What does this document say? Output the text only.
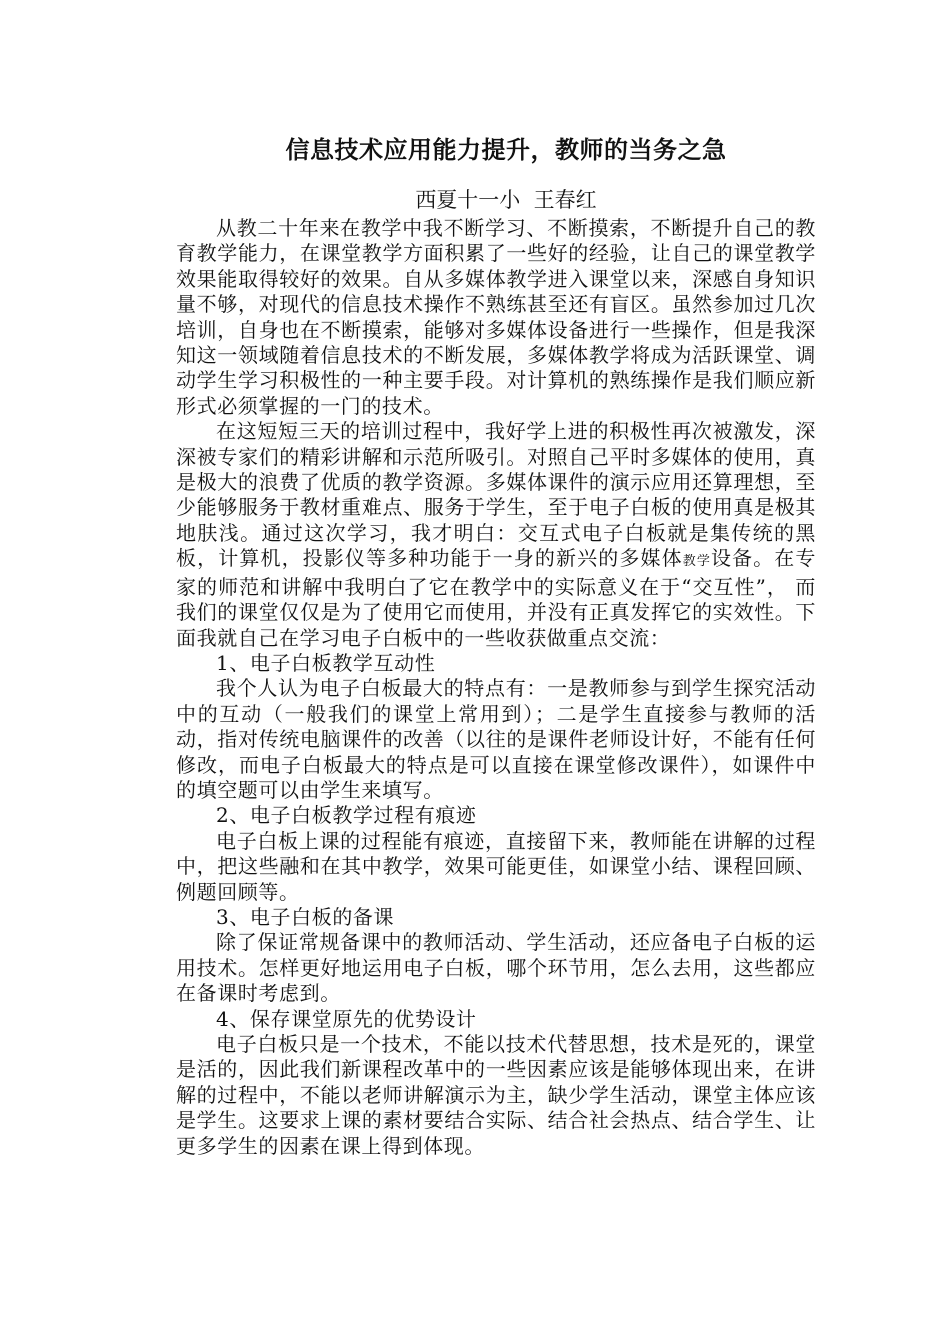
信息技术应用能力提升，教师的当务之急
西夏十一小  王春红

从教二十年来在教学中我不断学习、不断摸索，不断提升自己的教育教学能力，在课堂教学方面积累了一些好的经验，让自己的课堂教学效果能取得较好的效果。自从多媒体教学进入课堂以来，深感自身知识量不够，对现代的信息技术操作不熟练甚至还有盲区。虽然参加过几次培训，自身也在不断摸索，能够对多媒体设备进行一些操作，但是我深知这一领域随着信息技术的不断发展，多媒体教学将成为活跃课堂、调动学生学习积极性的一种主要手段。对计算机的熟练操作是我们顺应新形式必须掌握的一门的技术。

在这短短三天的培训过程中，我好学上进的积极性再次被激发，深深被专家们的精彩讲解和示范所吸引。对照自己平时多媒体的使用，真是极大的浪费了优质的教学资源。多媒体课件的演示应用还算理想，至少能够服务于教材重难点、服务于学生，至于电子白板的使用真是极其地肤浅。通过这次学习，我才明白：交互式电子白板就是集传统的黑板，计算机，投影仪等多种功能于一身的新兴的多媒体教学设备。在专家的师范和讲解中我明白了它在教学中的实际意义在于“交互性”， 而我们的课堂仅仅是为了使用它而使用，并没有正真发挥它的实效性。下面我就自己在学习电子白板中的一些收获做重点交流：

1、电子白板教学互动性

我个人认为电子白板最大的特点有：一是教师参与到学生探究活动中的互动（一般我们的课堂上常用到）；二是学生直接参与教师的活动，指对传统电脑课件的改善（以往的是课件老师设计好，不能有任何修改，而电子白板最大的特点是可以直接在课堂修改课件），如课件中的填空题可以由学生来填写。

2、电子白板教学过程有痕迹

电子白板上课的过程能有痕迹，直接留下来，教师能在讲解的过程中，把这些融和在其中教学，效果可能更佳，如课堂小结、课程回顾、例题回顾等。

3、电子白板的备课

除了保证常规备课中的教师活动、学生活动，还应备电子白板的运用技术。怎样更好地运用电子白板，哪个环节用，怎么去用，这些都应在备课时考虑到。

4、保存课堂原先的优势设计

电子白板只是一个技术，不能以技术代替思想，技术是死的，课堂是活的，因此我们新课程改革中的一些因素应该是能够体现出来，在讲解的过程中，不能以老师讲解演示为主，缺少学生活动，课堂主体应该是学生。这要求上课的素材要结合实际、结合社会热点、结合学生、让更多学生的因素在课上得到体现。
